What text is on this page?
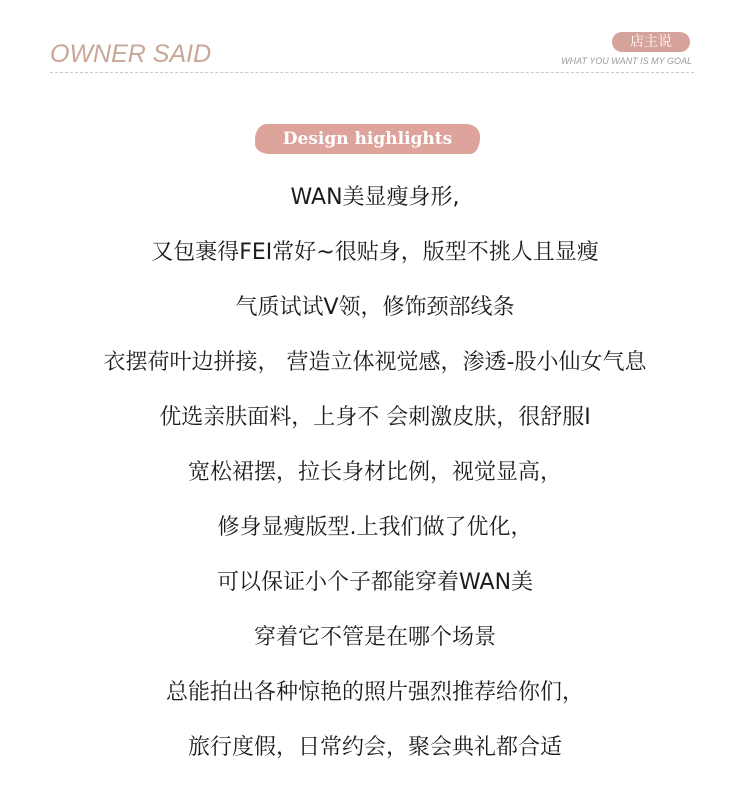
OWNER SAID	店主说
WHAT YOU WANT IS MY GOAL
Design highlights
WAN美显瘦身形,
又包裹得FEI常好~很贴身，版型不挑人且显瘦
气质试试V领，修饰颈部线条
衣摆荷叶边拼接， 营造立体视觉感，渗透-股小仙女气息
优选亲肤面料，上身不 会刺激皮肤，很舒服I
宽松裙摆，拉长身材比例，视觉显高，
修身显瘦版型.上我们做了优化，
可以保证小个子都能穿着WAN美
穿着它不管是在哪个场景
总能拍出各种惊艳的照片强烈推荐给你们，
旅行度假，日常约会，聚会典礼都合适
